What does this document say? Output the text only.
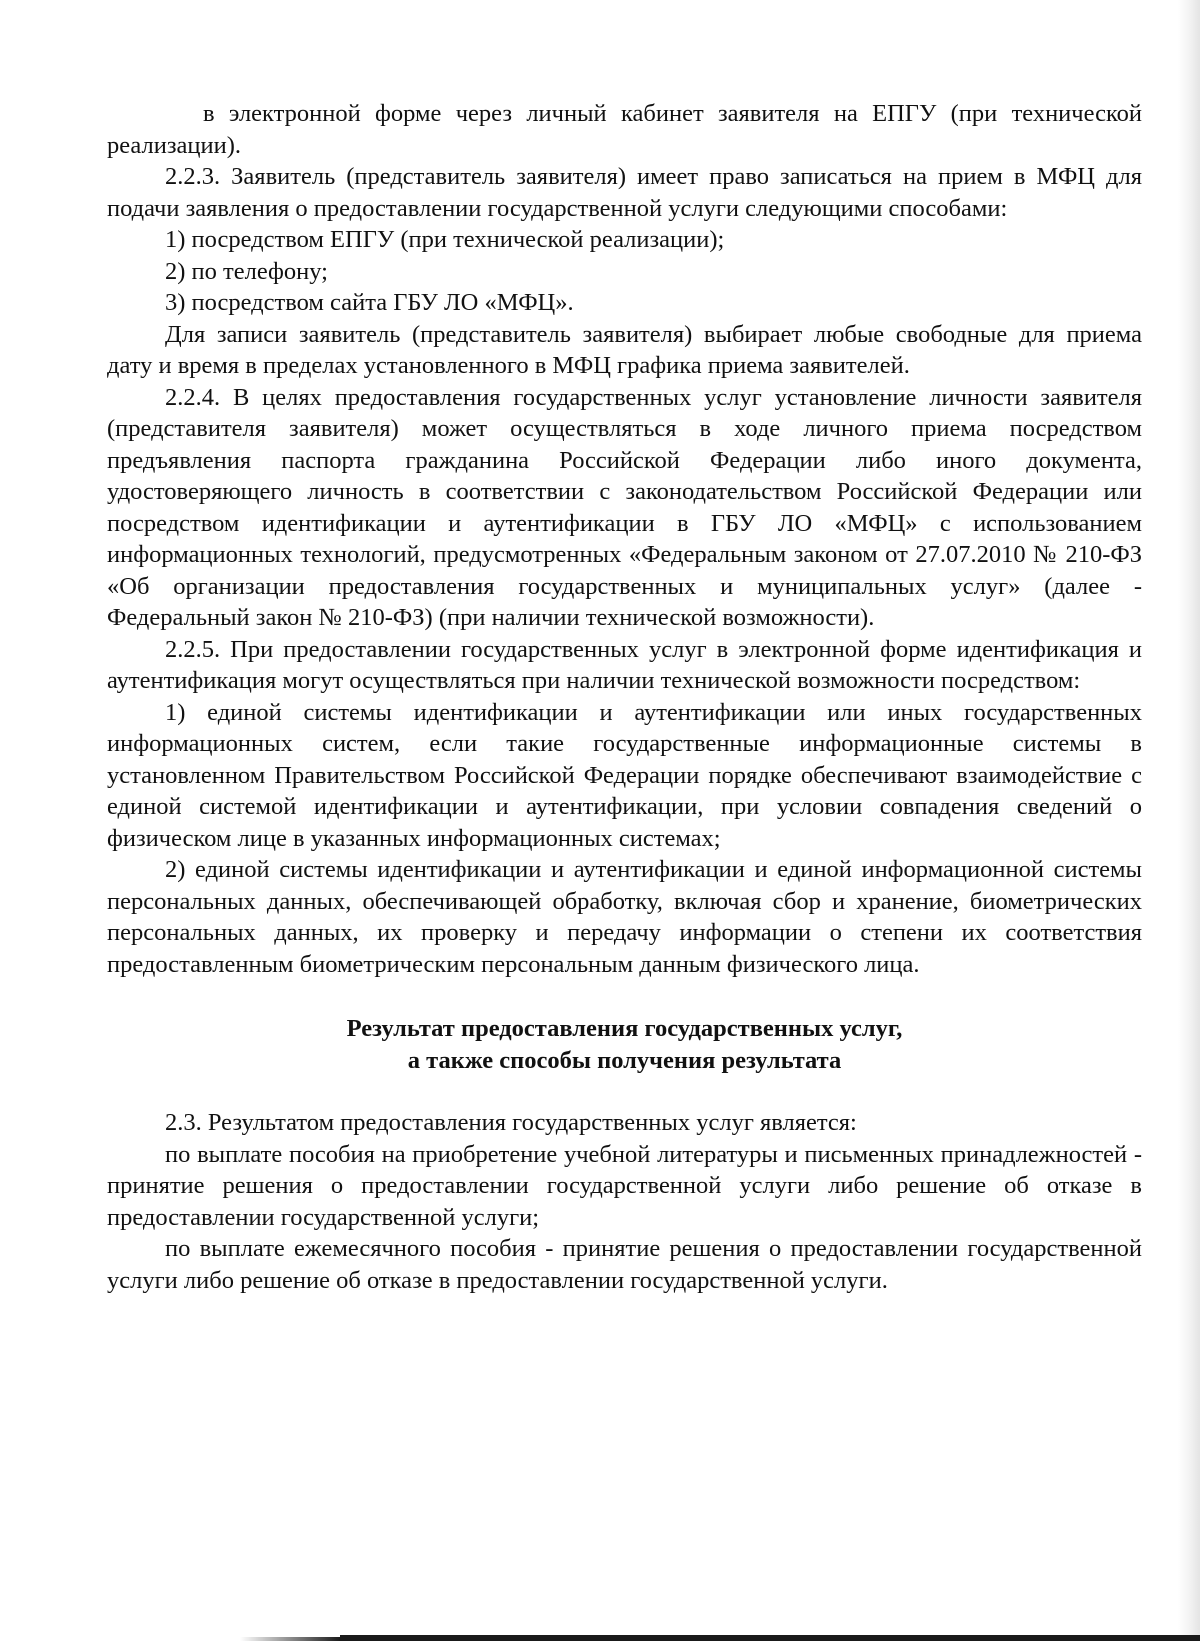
в электронной форме через личный кабинет заявителя на ЕПГУ (при технической реализации).

2.2.3. Заявитель (представитель заявителя) имеет право записаться на прием в МФЦ для подачи заявления о предоставлении государственной услуги следующими способами:

1) посредством ЕПГУ (при технической реализации);

2) по телефону;

3) посредством сайта ГБУ ЛО «МФЦ».

Для записи заявитель (представитель заявителя) выбирает любые свободные для приема дату и время в пределах установленного в МФЦ графика приема заявителей.

2.2.4. В целях предоставления государственных услуг установление личности заявителя (представителя заявителя) может осуществляться в ходе личного приема посредством предъявления паспорта гражданина Российской Федерации либо иного документа, удостоверяющего личность в соответствии с законодательством Российской Федерации или посредством идентификации и аутентификации в ГБУ ЛО «МФЦ» с использованием информационных технологий, предусмотренных «Федеральным законом от 27.07.2010 № 210-ФЗ «Об организации предоставления государственных и муниципальных услуг» (далее - Федеральный закон № 210-ФЗ) (при наличии технической возможности).

2.2.5. При предоставлении государственных услуг в электронной форме идентификация и аутентификация могут осуществляться при наличии технической возможности посредством:

1) единой системы идентификации и аутентификации или иных государственных информационных систем, если такие государственные информационные системы в установленном Правительством Российской Федерации порядке обеспечивают взаимодействие с единой системой идентификации и аутентификации, при условии совпадения сведений о физическом лице в указанных информационных системах;

2) единой системы идентификации и аутентификации и единой информационной системы персональных данных, обеспечивающей обработку, включая сбор и хранение, биометрических персональных данных, их проверку и передачу информации о степени их соответствия предоставленным биометрическим персональным данным физического лица.

Результат предоставления государственных услуг,

а также способы получения результата

2.3. Результатом предоставления государственных услуг является:

по выплате пособия на приобретение учебной литературы и письменных принадлежностей - принятие решения о предоставлении государственной услуги либо решение об отказе в предоставлении государственной услуги;

по выплате ежемесячного пособия - принятие решения о предоставлении государственной услуги либо решение об отказе в предоставлении государственной услуги.
